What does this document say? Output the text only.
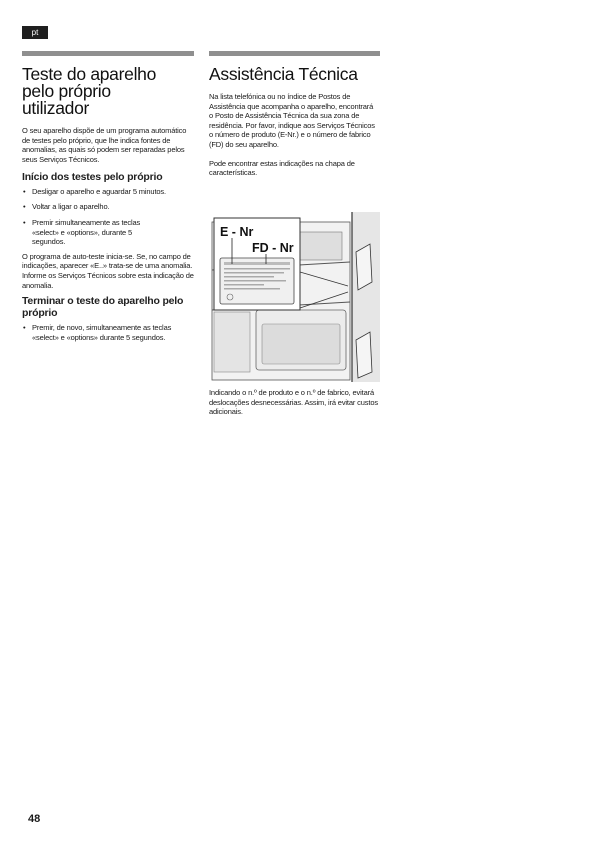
pt
Teste do aparelho pelo próprio utilizador

O seu aparelho dispõe de um programa automático de testes pelo próprio, que lhe indica fontes de anomalias, as quais só podem ser reparadas pelos seus Serviços Técnicos.

Início dos testes pelo próprio
• Desligar o aparelho e aguardar 5 minutos.
• Voltar a ligar o aparelho.
• Premir simultaneamente as teclas «select» e «options», durante 5 segundos.

O programa de auto-teste inicia-se. Se, no campo de indicações, aparecer «E..» trata-se de uma anomalia. Informe os Serviços Técnicos sobre esta indicação de anomalia.

Terminar o teste do aparelho pelo próprio
• Premir, de novo, simultaneamente as teclas «select» e «options» durante 5 segundos.
Assistência Técnica

Na lista telefónica ou no índice de Postos de Assistência que acompanha o aparelho, encontrará o Posto de Assistência Técnica da sua zona de residência. Por favor, indique aos Serviços Técnicos o número de produto (E-Nr.) e o número de fabrico (FD) do seu aparelho.

Pode encontrar estas indicações na chapa de características.

E - Nr
FD - Nr

Indicando o n.º de produto e o n.º de fabrico, evitará deslocações desnecessárias. Assim, irá evitar custos adicionais.

48
